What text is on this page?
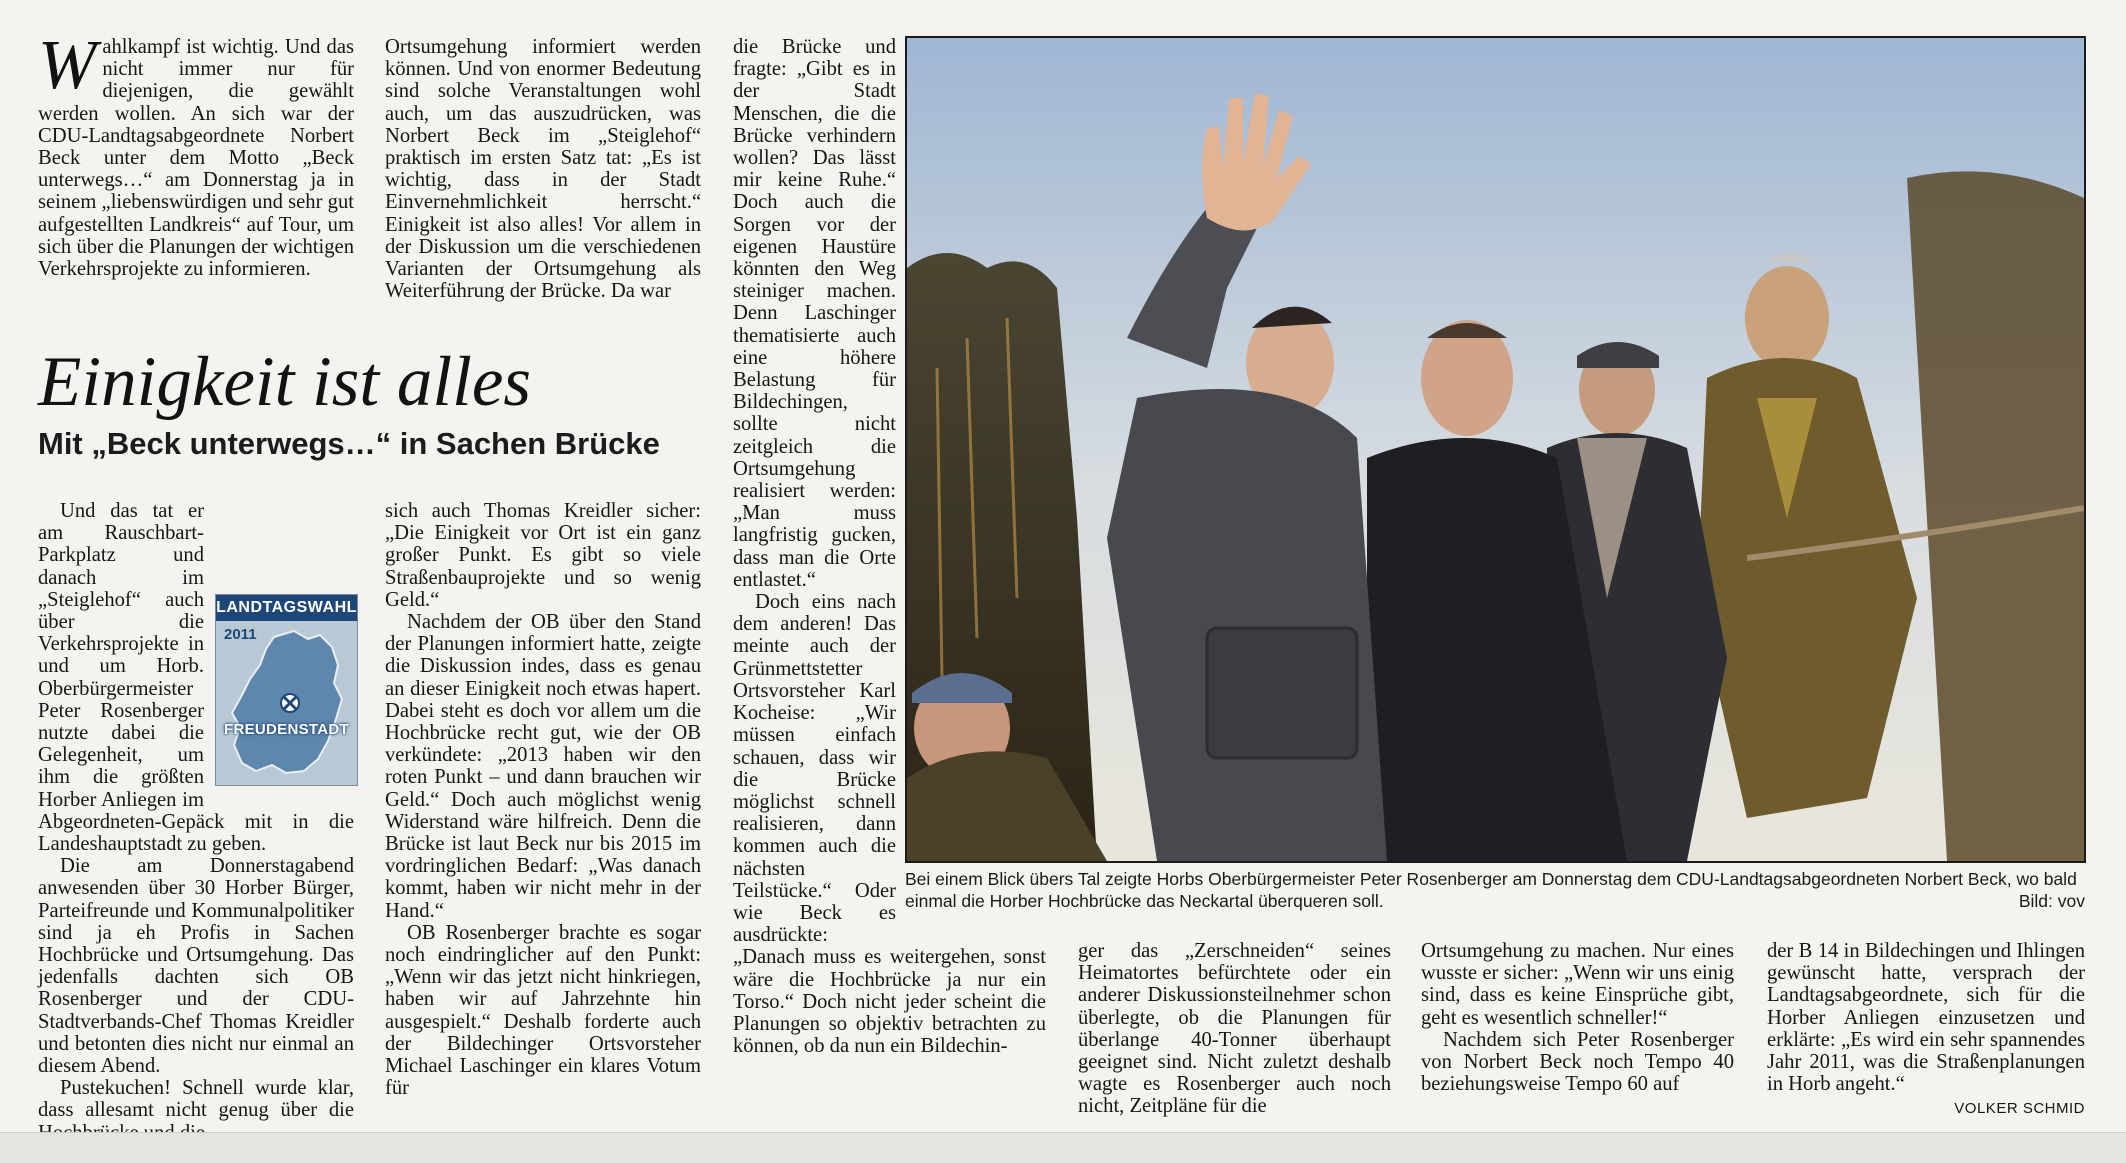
Wahlkampf ist wichtig. Und das nicht immer nur für diejenigen, die gewählt werden wollen. An sich war der CDU-Landtagsabgeordnete Norbert Beck unter dem Motto „Beck unterwegs…“ am Donnerstag ja in seinem „liebenswürdigen und sehr gut aufgestellten Landkreis“ auf Tour, um sich über die Planungen der wichtigen Verkehrsprojekte zu informieren.

Ortsumgehung informiert werden können. Und von enormer Bedeutung sind solche Veranstaltungen wohl auch, um das auszudrücken, was Norbert Beck im „Steiglehof“ praktisch im ersten Satz tat: „Es ist wichtig, dass in der Stadt Einvernehmlichkeit herrscht.“ Einigkeit ist also alles! Vor allem in der Diskussion um die verschiedenen Varianten der Ortsumgehung als Weiterführung der Brücke. Da war

Einigkeit ist alles
Mit „Beck unterwegs…“ in Sachen Brücke

Und das tat er am Rauschbart-Parkplatz und danach im „Steiglehof“ auch über die Verkehrsprojekte in und um Horb. Oberbürgermeister Peter Rosenberger nutzte dabei die Gelegenheit, um ihm die größten Horber Anliegen im Abgeordneten-Gepäck mit in die Landeshauptstadt zu geben.

Die am Donnerstagabend anwesenden über 30 Horber Bürger, Parteifreunde und Kommunalpolitiker sind ja eh Profis in Sachen Hochbrücke und Ortsumgehung. Das jedenfalls dachten sich OB Rosenberger und der CDU-Stadtverbands-Chef Thomas Kreidler und betonten dies nicht nur einmal an diesem Abend.

Pustekuchen! Schnell wurde klar, dass allesamt nicht genug über die

LANDTAGSWAHL
2011
FREUDENSTADT

sich auch Thomas Kreidler sicher: „Die Einigkeit vor Ort ist ein ganz großer Punkt. Es gibt so viele Straßenbauprojekte und so wenig Geld.“

Nachdem der OB über den Stand der Planungen informiert hatte, zeigte die Diskussion indes, dass es genau an dieser Einigkeit noch etwas hapert. Dabei steht es doch vor allem um die Hochbrücke recht gut, wie der OB verkündete: „2013 haben wir den roten Punkt – und dann brauchen wir Geld.“ Doch auch möglichst wenig Widerstand wäre hilfreich. Denn die Brücke ist laut Beck nur bis 2015 im vordringlichen Bedarf: „Was danach kommt, haben wir nicht mehr in der Hand.“

OB Rosenberger brachte es sogar noch eindringlicher auf den Punkt: „Wenn wir das jetzt nicht hinkriegen, haben wir auf Jahrzehnte hin ausgespielt.“ Deshalb forderte auch der Bildechinger Ortsvorsteher Michael Laschinger ein klares Votum für

die Brücke und fragte: „Gibt es in der Stadt Menschen, die die Brücke verhindern wollen? Das lässt mir keine Ruhe.“ Doch auch die Sorgen vor der eigenen Haustüre könnten den Weg steiniger machen. Denn Laschinger thematisierte auch eine höhere Belastung für Bildechingen, sollte nicht zeitgleich die Ortsumgehung realisiert werden: „Man muss langfristig gucken, dass man die Orte entlastet.“

Doch eins nach dem anderen! Das meinte auch der Grünmettstetter Ortsvorsteher Karl Kocheise: „Wir müssen einfach schauen, dass wir die Brücke möglichst schnell realisieren, dann kommen auch die nächsten Teilstücke.“ Oder wie Beck es ausdrückte: „Danach muss es weitergehen, sonst wäre die Hochbrücke ja nur ein Torso.“ Doch nicht jeder scheint die Planungen so objektiv betrachten zu können, ob da nun ein Bildechin-

Bei einem Blick übers Tal zeigte Horbs Oberbürgermeister Peter Rosenberger am Donnerstag dem CDU-Landtagsabgeordneten Norbert Beck, wo bald einmal die Horber Hochbrücke das Neckartal überqueren soll.	Bild: vov

ger das „Zerschneiden“ seines Heimatortes befürchtete oder ein anderer Diskussionsteilnehmer schon überlegte, ob die Planungen für überlange 40-Tonner überhaupt geeignet sind. Nicht zuletzt deshalb wagte es Rosenberger auch noch nicht, Zeitpläne für die

Ortsumgehung zu machen. Nur eines wusste er sicher: „Wenn wir uns einig sind, dass es keine Einsprüche gibt, geht es wesentlich schneller!“

Nachdem sich Peter Rosenberger von Norbert Beck noch Tempo 40 beziehungsweise Tempo 60 auf

der B 14 in Bildechingen und Ihlingen gewünscht hatte, versprach der Landtagsabgeordnete, sich für die Horber Anliegen einzusetzen und erklärte: „Es wird ein sehr spannendes Jahr 2011, was die Straßenplanungen in Horb angeht.“

VOLKER SCHMID
